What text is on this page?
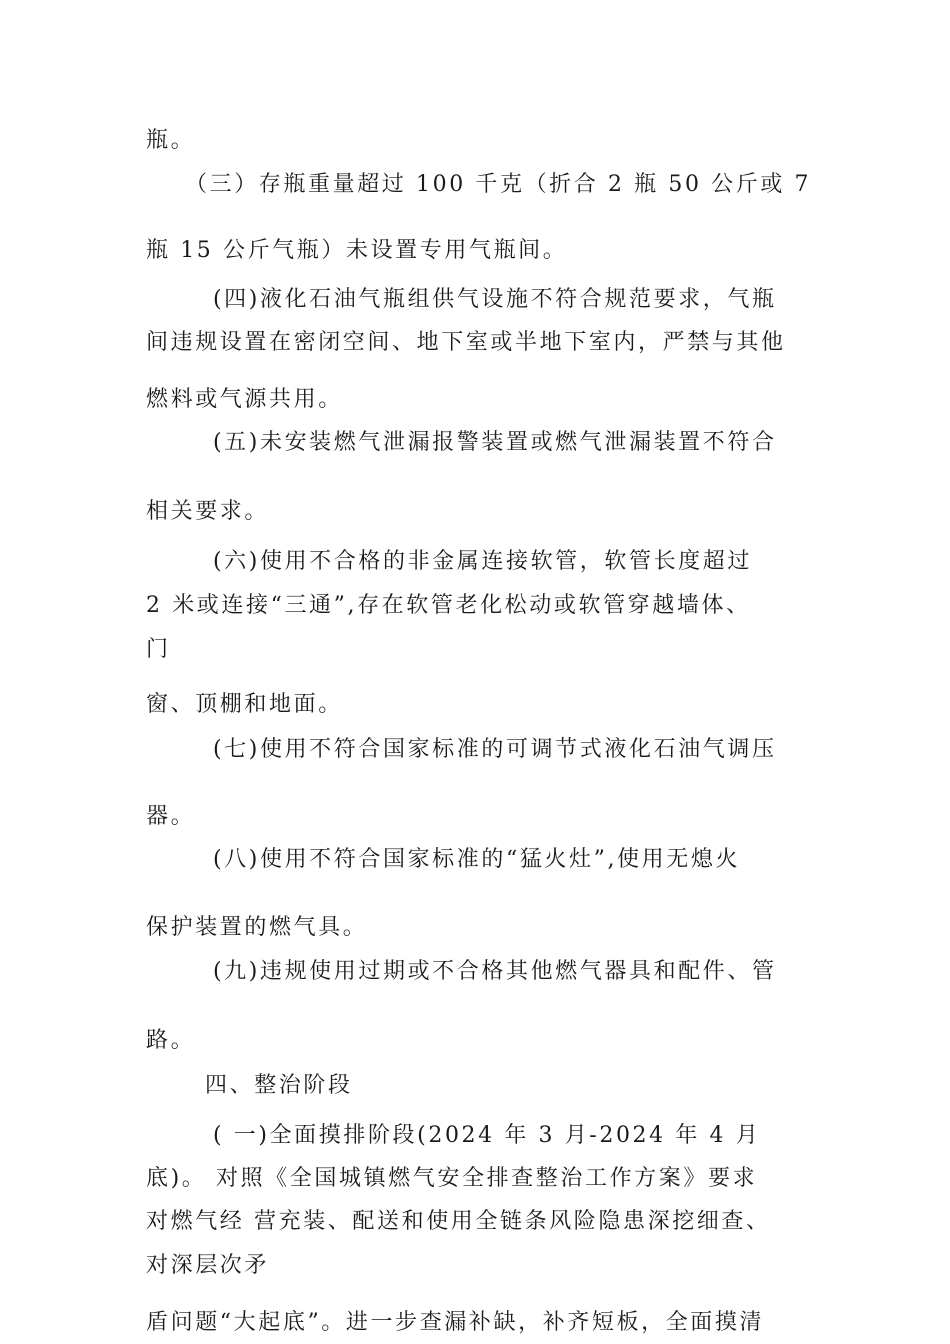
瓶。
（三）存瓶重量超过 100 千克（折合 2 瓶 50 公斤或 7
瓶 15 公斤气瓶）未设置专用气瓶间。
(四)液化石油气瓶组供气设施不符合规范要求，气瓶
间违规设置在密闭空间、地下室或半地下室内，严禁与其他
燃料或气源共用。
(五)未安装燃气泄漏报警装置或燃气泄漏装置不符合
相关要求。
(六)使用不合格的非金属连接软管，软管长度超过
2 米或连接“三通”,存在软管老化松动或软管穿越墙体、
门
窗、顶棚和地面。
(七)使用不符合国家标准的可调节式液化石油气调压
器。
(八)使用不符合国家标准的“猛火灶”,使用无熄火
保护装置的燃气具。
(九)违规使用过期或不合格其他燃气器具和配件、管
路。
四、整治阶段
( 一)全面摸排阶段(2024 年 3 月-2024 年 4 月
底)。 对照《全国城镇燃气安全排查整治工作方案》要求
对燃气经 营充装、配送和使用全链条风险隐患深挖细查、
对深层次矛
盾问题“大起底”。进一步查漏补缺，补齐短板，全面摸清
